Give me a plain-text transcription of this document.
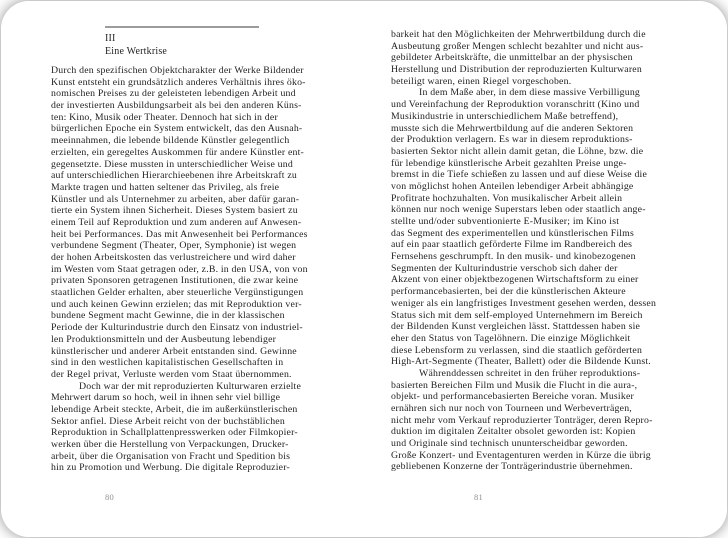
III
Eine Wertkrise
Durch den spezifischen Objektcharakter der Werke Bildender
Kunst entsteht ein grundsätzlich anderes Verhältnis ihres öko-
nomischen Preises zu der geleisteten lebendigen Arbeit und
der investierten Ausbildungsarbeit als bei den anderen Küns-
ten: Kino, Musik oder Theater. Dennoch hat sich in der
bürgerlichen Epoche ein System entwickelt, das den Ausnah-
meeinnahmen, die lebende bildende Künstler gelegentlich
erzielten, ein geregeltes Auskommen für andere Künstler ent-
gegensetzte. Diese mussten in unterschiedlicher Weise und
auf unterschiedlichen Hierarchieebenen ihre Arbeitskraft zu
Markte tragen und hatten seltener das Privileg, als freie
Künstler und als Unternehmer zu arbeiten, aber dafür garan-
tierte ein System ihnen Sicherheit. Dieses System basiert zu
einem Teil auf Reproduktion und zum anderen auf Anwesen-
heit bei Performances. Das mit Anwesenheit bei Performances
verbundene Segment (Theater, Oper, Symphonie) ist wegen
der hohen Arbeitskosten das verlustreichere und wird daher
im Westen vom Staat getragen oder, z.B. in den USA, von von
privaten Sponsoren getragenen Institutionen, die zwar keine
staatlichen Gelder erhalten, aber steuerliche Vergünstigungen
und auch keinen Gewinn erzielen; das mit Reproduktion ver-
bundene Segment macht Gewinne, die in der klassischen
Periode der Kulturindustrie durch den Einsatz von industriel-
len Produktionsmitteln und der Ausbeutung lebendiger
künstlerischer und anderer Arbeit entstanden sind. Gewinne
sind in den westlichen kapitalistischen Gesellschaften in
der Regel privat, Verluste werden vom Staat übernommen.
Doch war der mit reproduzierten Kulturwaren erzielte
Mehrwert darum so hoch, weil in ihnen sehr viel billige
lebendige Arbeit steckte, Arbeit, die im außerkünstlerischen
Sektor anfiel. Diese Arbeit reicht von der buchstäblichen
Reproduktion in Schallplattenpresswerken oder Filmkopier-
werken über die Herstellung von Verpackungen, Drucker-
arbeit, über die Organisation von Fracht und Spedition bis
hin zu Promotion und Werbung. Die digitale Reproduzier-
barkeit hat den Möglichkeiten der Mehrwertbildung durch die
Ausbeutung großer Mengen schlecht bezahlter und nicht aus-
gebildeter Arbeitskräfte, die unmittelbar an der physischen
Herstellung und Distribution der reproduzierten Kulturwaren
beteiligt waren, einen Riegel vorgeschoben.
In dem Maße aber, in dem diese massive Verbilligung
und Vereinfachung der Reproduktion voranschritt (Kino und
Musikindustrie in unterschiedlichem Maße betreffend),
musste sich die Mehrwertbildung auf die anderen Sektoren
der Produktion verlagern. Es war in diesem reproduktions-
basierten Sektor nicht allein damit getan, die Löhne, bzw. die
für lebendige künstlerische Arbeit gezahlten Preise unge-
bremst in die Tiefe schießen zu lassen und auf diese Weise die
von möglichst hohen Anteilen lebendiger Arbeit abhängige
Profitrate hochzuhalten. Von musikalischer Arbeit allein
können nur noch wenige Superstars leben oder staatlich ange-
stellte und/oder subventionierte E-Musiker; im Kino ist
das Segment des experimentellen und künstlerischen Films
auf ein paar staatlich geförderte Filme im Randbereich des
Fernsehens geschrumpft. In den musik- und kinobezogenen
Segmenten der Kulturindustrie verschob sich daher der
Akzent von einer objektbezogenen Wirtschaftsform zu einer
performancebasierten, bei der die künstlerischen Akteure
weniger als ein langfristiges Investment gesehen werden, dessen
Status sich mit dem self-employed Unternehmern im Bereich
der Bildenden Kunst vergleichen lässt. Stattdessen haben sie
eher den Status von Tagelöhnern. Die einzige Möglichkeit
diese Lebensform zu verlassen, sind die staatlich geförderten
High-Art-Segmente (Theater, Ballett) oder die Bildende Kunst.
Währenddessen schreitet in den früher reproduktions-
basierten Bereichen Film und Musik die Flucht in die aura-,
objekt- und performancebasierten Bereiche voran. Musiker
ernähren sich nur noch von Tourneen und Werbeverträgen,
nicht mehr vom Verkauf reproduzierter Tonträger, deren Repro-
duktion im digitalen Zeitalter obsolet geworden ist: Kopien
und Originale sind technisch ununterscheidbar geworden.
Große Konzert- und Eventagenturen werden in Kürze die übrig
gebliebenen Konzerne der Tonträgerindustrie übernehmen.
80	81
